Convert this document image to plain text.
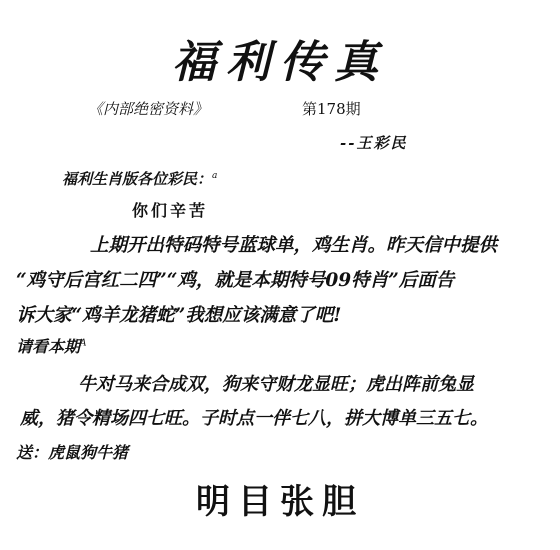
福利传真
《内部绝密资料》	第178期
--王彩民
福利生肖版各位彩民：$^a$
你们辛苦
上期开出特码特号蓝球单，鸡生肖。昨天信中提供
“鸡守后宫红二四”“鸡，就是本期特号09特肖”后面告
诉大家“鸡羊龙猪蛇”我想应该满意了吧!
请看本期$^A$
牛对马来合成双，狗来守财龙显旺；虎出阵前兔显
威，猪令精场四七旺。子时点一伴七八，拼大博单三五七。
送：虎鼠狗牛猪
明目张胆
